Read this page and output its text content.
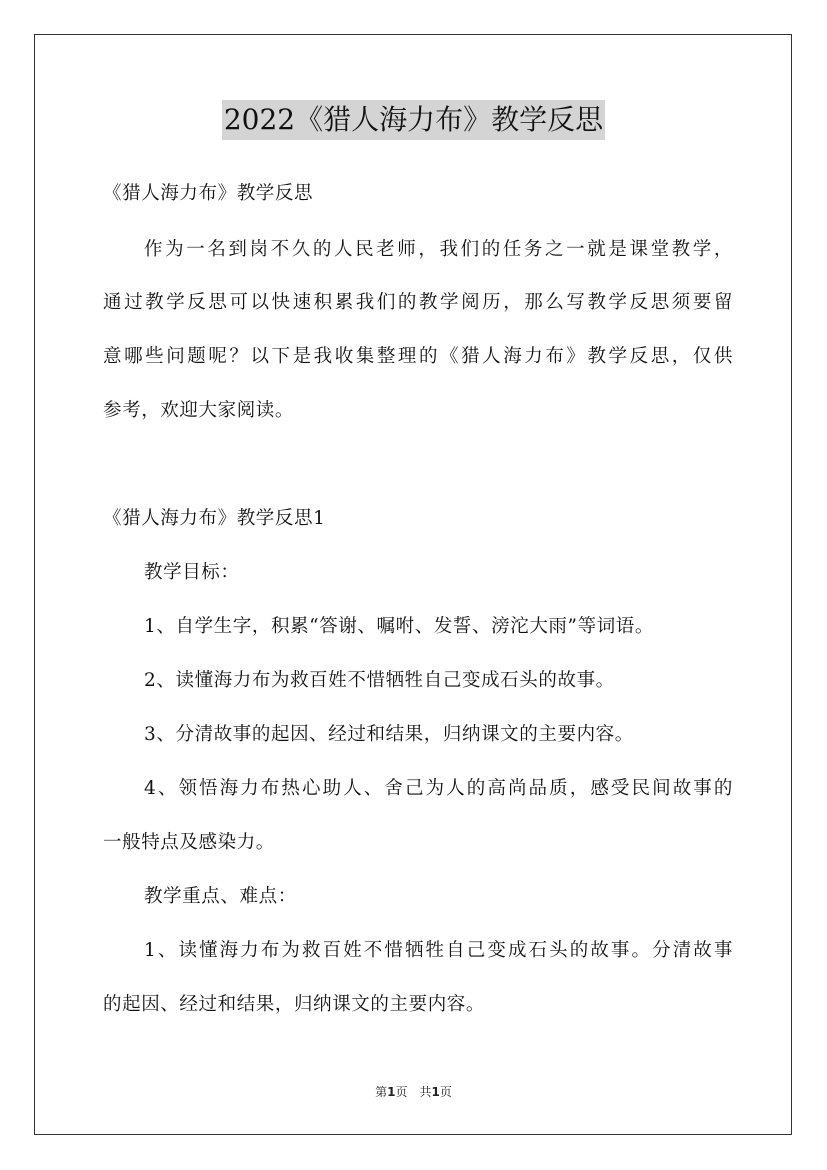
2022《猎人海力布》教学反思
《猎人海力布》教学反思
作为一名到岗不久的人民老师，我们的任务之一就是课堂教学，
通过教学反思可以快速积累我们的教学阅历，那么写教学反思须要留
意哪些问题呢？以下是我收集整理的《猎人海力布》教学反思，仅供
参考，欢迎大家阅读。
《猎人海力布》教学反思1
教学目标：
1、自学生字，积累“答谢、嘱咐、发誓、滂沱大雨”等词语。
2、读懂海力布为救百姓不惜牺牲自己变成石头的故事。
3、分清故事的起因、经过和结果，归纳课文的主要内容。
4、领悟海力布热心助人、舍己为人的高尚品质，感受民间故事的
一般特点及感染力。
教学重点、难点：
1、读懂海力布为救百姓不惜牺牲自己变成石头的故事。分清故事
的起因、经过和结果，归纳课文的主要内容。
第1页　共1页
